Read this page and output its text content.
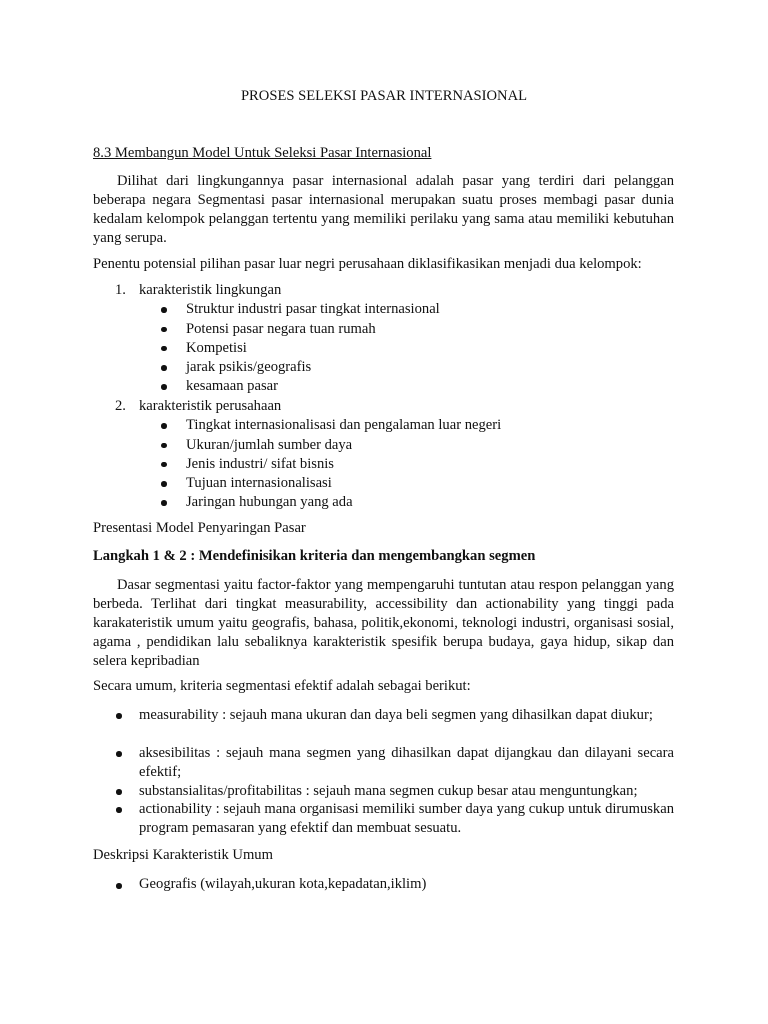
PROSES SELEKSI PASAR INTERNASIONAL

8.3 Membangun Model Untuk Seleksi Pasar Internasional

Dilihat dari lingkungannya pasar internasional adalah pasar yang terdiri dari pelanggan beberapa negara Segmentasi pasar internasional merupakan suatu proses membagi pasar dunia kedalam kelompok pelanggan tertentu yang memiliki perilaku yang sama atau memiliki kebutuhan yang serupa.

Penentu potensial pilihan pasar luar negri perusahaan diklasifikasikan menjadi dua kelompok:

1. karakteristik lingkungan
Struktur industri pasar tingkat internasional
Potensi pasar negara tuan rumah
Kompetisi
jarak psikis/geografis
kesamaan pasar
2. karakteristik perusahaan
Tingkat internasionalisasi dan pengalaman luar negeri
Ukuran/jumlah sumber daya
Jenis industri/ sifat bisnis
Tujuan internasionalisasi
Jaringan hubungan yang ada

Presentasi Model Penyaringan Pasar

Langkah 1 & 2 : Mendefinisikan kriteria dan mengembangkan segmen

Dasar segmentasi yaitu factor-faktor yang mempengaruhi tuntutan atau respon pelanggan yang berbeda. Terlihat dari tingkat measurability, accessibility dan actionability yang tinggi pada karakateristik umum yaitu geografis, bahasa, politik,ekonomi, teknologi industri, organisasi sosial, agama , pendidikan lalu sebaliknya karakteristik spesifik berupa budaya, gaya hidup, sikap dan selera kepribadian

Secara umum, kriteria segmentasi efektif adalah sebagai berikut:

measurability : sejauh mana ukuran dan daya beli segmen yang dihasilkan dapat diukur;

aksesibilitas : sejauh mana segmen yang dihasilkan dapat dijangkau dan dilayani secara efektif;

substansialitas/profitabilitas : sejauh mana segmen cukup besar atau menguntungkan;

actionability : sejauh mana organisasi memiliki sumber daya yang cukup untuk dirumuskan program pemasaran yang efektif dan membuat sesuatu.

Deskripsi Karakteristik Umum

Geografis (wilayah,ukuran kota,kepadatan,iklim)
